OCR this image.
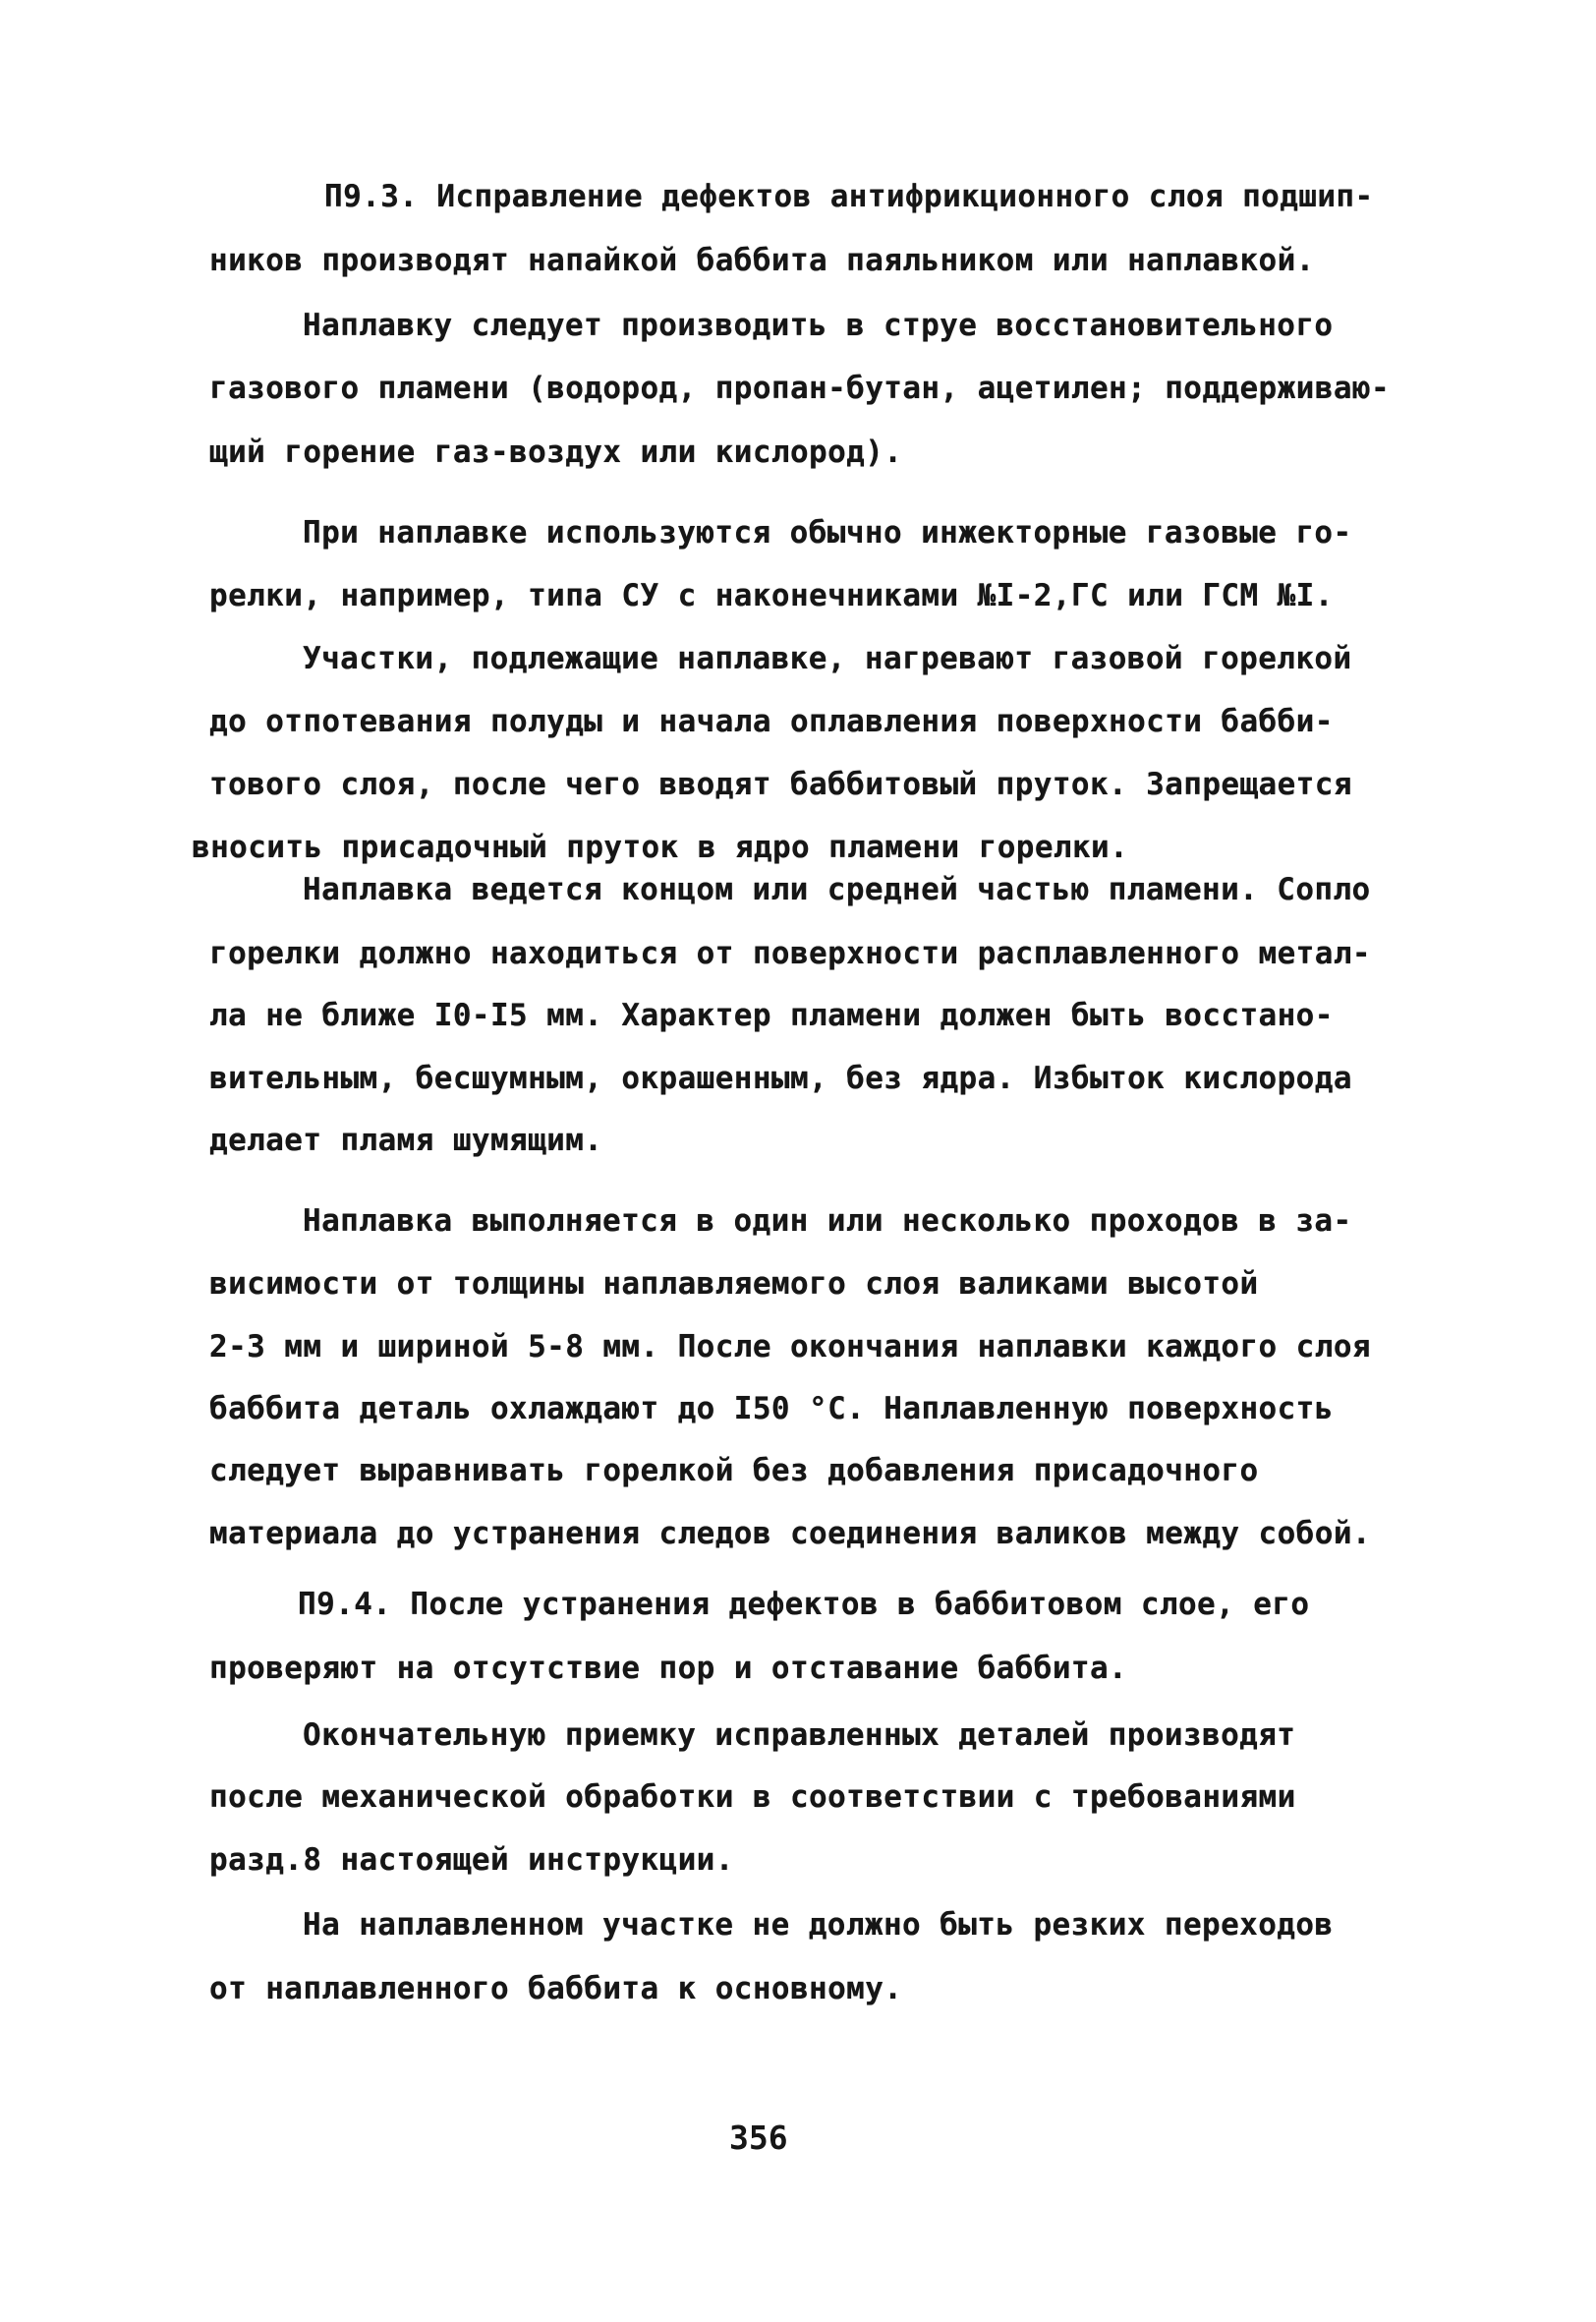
П9.3. Исправление дефектов антифрикционного слоя подшип-
ников производят напайкой баббита паяльником или наплавкой.
Наплавку следует производить в струе восстановительного
газового пламени (водород, пропан-бутан, ацетилен; поддерживаю-
щий горение газ-воздух или кислород).
При наплавке используются обычно инжекторные газовые го-
релки, например, типа СУ с наконечниками №I-2,ГС или ГСМ №I.
Участки, подлежащие наплавке, нагревают газовой горелкой
до отпотевания полуды и начала оплавления поверхности бабби-
тового слоя, после чего вводят баббитовый пруток. Запрещается
вносить присадочный пруток в ядро пламени горелки.
Наплавка ведется концом или средней частью пламени. Сопло
горелки должно находиться от поверхности расплавленного метал-
ла не ближе I0-I5 мм. Характер пламени должен быть восстано-
вительным, бесшумным, окрашенным, без ядра. Избыток кислорода
делает пламя шумящим.
Наплавка выполняется в один или несколько проходов в за-
висимости от толщины наплавляемого слоя валиками высотой
2-3 мм и шириной 5-8 мм. После окончания наплавки каждого слоя
баббита деталь охлаждают до I50 °С. Наплавленную поверхность
следует выравнивать горелкой без добавления присадочного
материала до устранения следов соединения валиков между собой.
П9.4. После устранения дефектов в баббитовом слое, его
проверяют на отсутствие пор и отставание баббита.
Окончательную приемку исправленных деталей производят
после механической обработки в соответствии с требованиями
разд.8 настоящей инструкции.
На наплавленном участке не должно быть резких переходов
от наплавленного баббита к основному.
356
